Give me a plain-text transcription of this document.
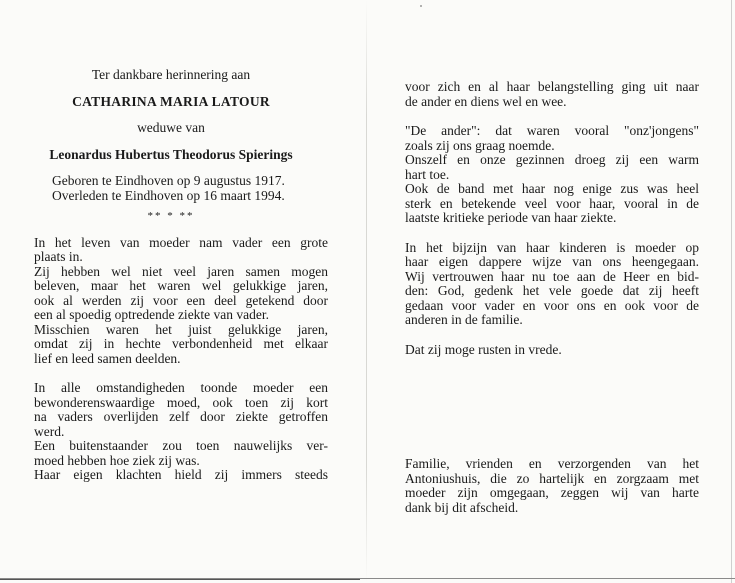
Ter dankbare herinnering aan
CATHARINA MARIA LATOUR
weduwe van
Leonardus Hubertus Theodorus Spierings
Geboren te Eindhoven op 9 augustus 1917.
Overleden te Eindhoven op 16 maart 1994.
** * **
In het leven van moeder nam vader een grote
plaats in.
Zij hebben wel niet veel jaren samen mogen
beleven, maar het waren wel gelukkige jaren,
ook al werden zij voor een deel getekend door
een al spoedig optredende ziekte van vader.
Misschien waren het juist gelukkige jaren,
omdat zij in hechte verbondenheid met elkaar
lief en leed samen deelden.
In alle omstandigheden toonde moeder een
bewonderenswaardige moed, ook toen zij kort
na vaders overlijden zelf door ziekte getroffen
werd.
Een buitenstaander zou toen nauwelijks ver-
moed hebben hoe ziek zij was.
Haar eigen klachten hield zij immers steeds
voor zich en al haar belangstelling ging uit naar
de ander en diens wel en wee.
"De ander": dat waren vooral "onz'jongens"
zoals zij ons graag noemde.
Onszelf en onze gezinnen droeg zij een warm
hart toe.
Ook de band met haar nog enige zus was heel
sterk en betekende veel voor haar, vooral in de
laatste kritieke periode van haar ziekte.
In het bijzijn van haar kinderen is moeder op
haar eigen dappere wijze van ons heengegaan.
Wij vertrouwen haar nu toe aan de Heer en bid-
den: God, gedenk het vele goede dat zij heeft
gedaan voor vader en voor ons en ook voor de
anderen in de familie.
Dat zij moge rusten in vrede.
Familie, vrienden en verzorgenden van het
Antoniushuis, die zo hartelijk en zorgzaam met
moeder zijn omgegaan, zeggen wij van harte
dank bij dit afscheid.
